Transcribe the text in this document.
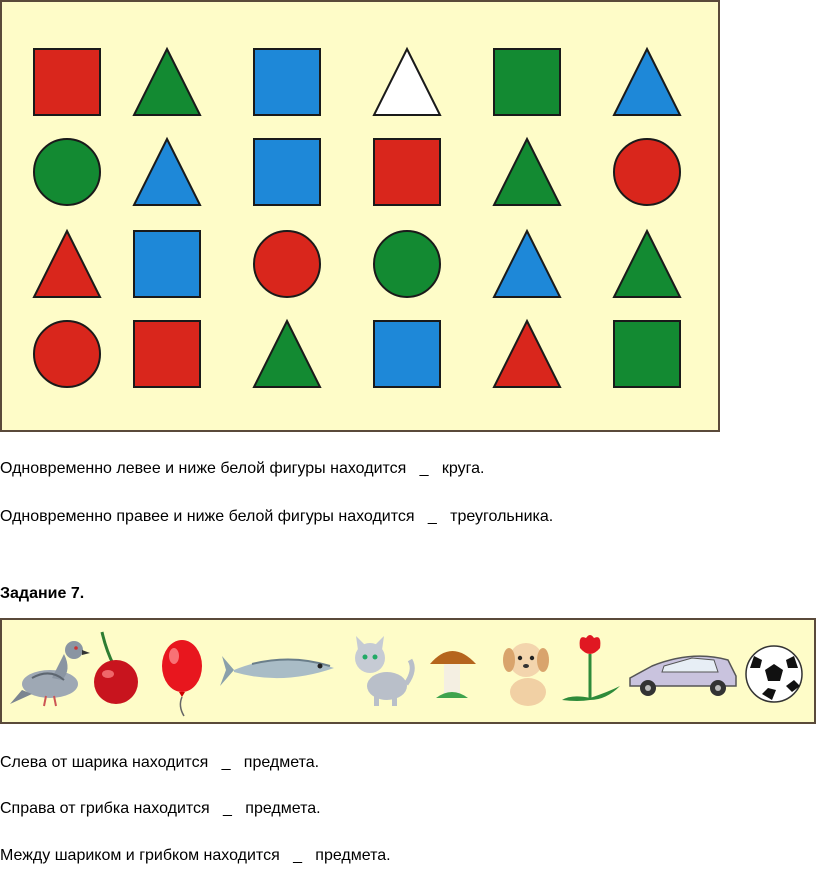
Одновременно левее и ниже белой фигуры находится   _   круга.
Одновременно правее и ниже белой фигуры находится   _   треугольника.
Задание 7.
Слева от шарика находится   _   предмета.
Справа от грибка находится   _   предмета.
Между шариком и грибком находится   _   предмета.
